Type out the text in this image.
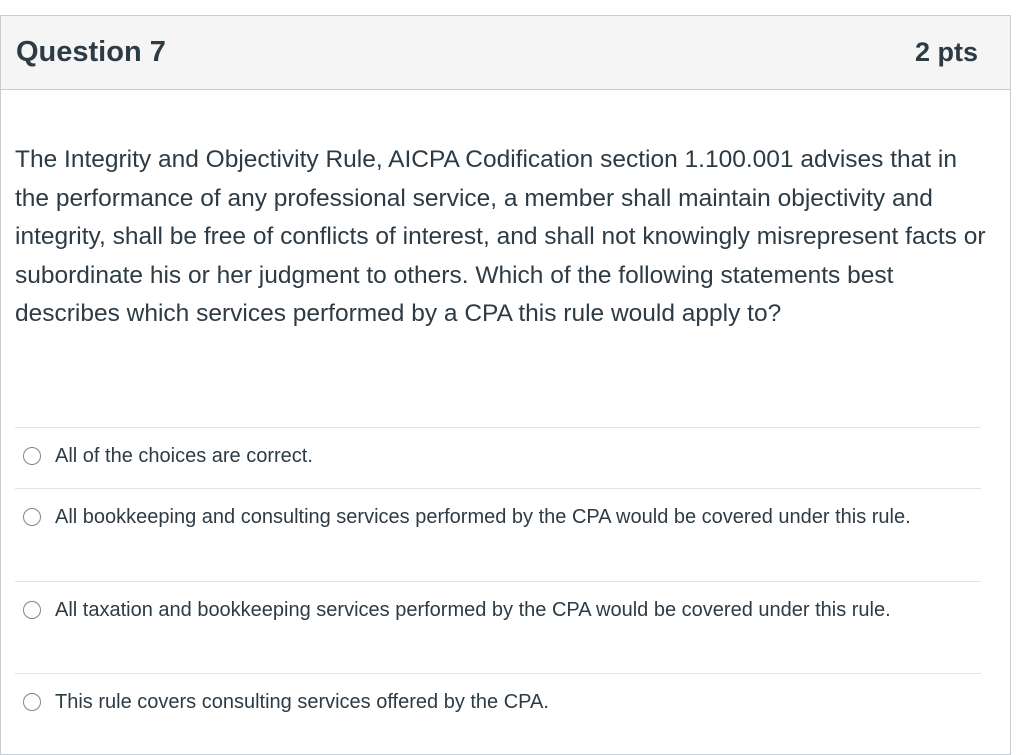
Question 7	2 pts

The Integrity and Objectivity Rule, AICPA Codification section 1.100.001 advises that in the performance of any professional service, a member shall maintain objectivity and integrity, shall be free of conflicts of interest, and shall not knowingly misrepresent facts or subordinate his or her judgment to others. Which of the following statements best describes which services performed by a CPA this rule would apply to?

All of the choices are correct.
All bookkeeping and consulting services performed by the CPA would be covered under this rule.
All taxation and bookkeeping services performed by the CPA would be covered under this rule.
This rule covers consulting services offered by the CPA.
